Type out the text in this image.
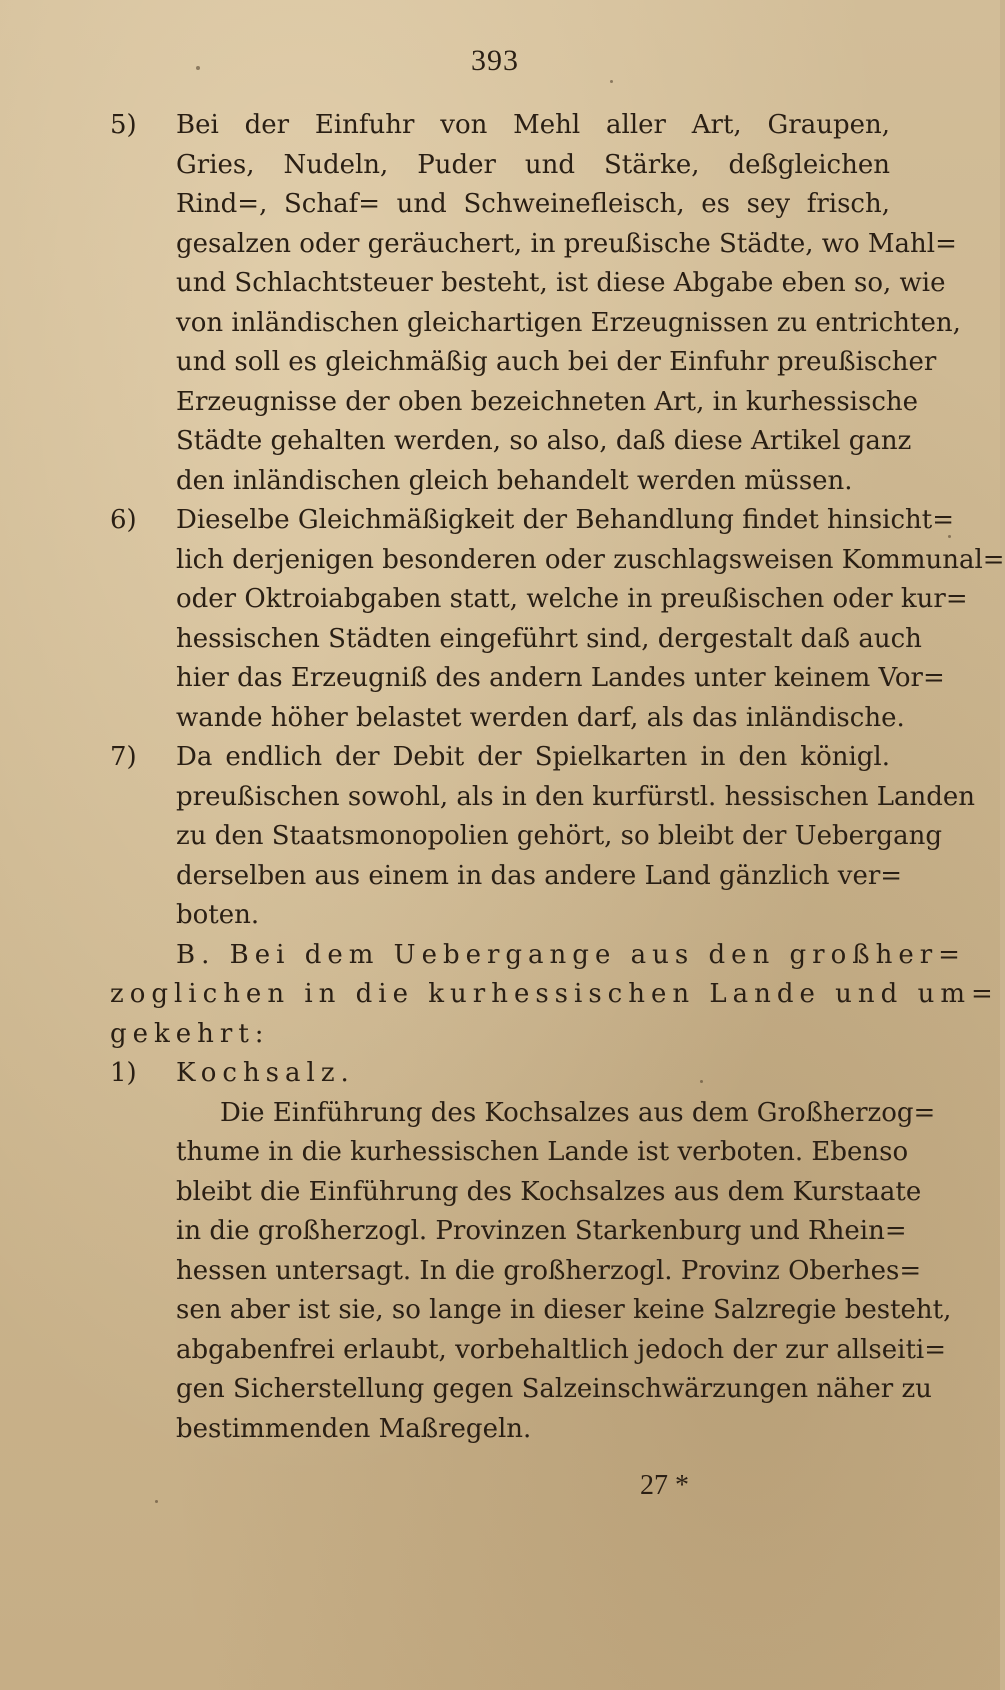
393
5) Bei der Einfuhr von Mehl aller Art, Graupen,
Gries, Nudeln, Puder und Stärke, deßgleichen
Rind=, Schaf= und Schweinefleisch, es sey frisch,
gesalzen oder geräuchert, in preußische Städte, wo Mahl=
und Schlachtsteuer besteht, ist diese Abgabe eben so, wie
von inländischen gleichartigen Erzeugnissen zu entrichten,
und soll es gleichmäßig auch bei der Einfuhr preußischer
Erzeugnisse der oben bezeichneten Art, in kurhessische
Städte gehalten werden, so also, daß diese Artikel ganz
den inländischen gleich behandelt werden müssen.
6) Dieselbe Gleichmäßigkeit der Behandlung findet hinsicht=
lich derjenigen besonderen oder zuschlagsweisen Kommunal=
oder Oktroiabgaben statt, welche in preußischen oder kur=
hessischen Städten eingeführt sind, dergestalt daß auch
hier das Erzeugniß des andern Landes unter keinem Vor=
wande höher belastet werden darf, als das inländische.
7) Da endlich der Debit der Spielkarten in den königl.
preußischen sowohl, als in den kurfürstl. hessischen Landen
zu den Staatsmonopolien gehört, so bleibt der Uebergang
derselben aus einem in das andere Land gänzlich ver=
boten.
B. Bei dem Uebergange aus den großher=
zoglichen in die kurhessischen Lande und um=
gekehrt:
1) Kochsalz.
Die Einführung des Kochsalzes aus dem Großherzog=
thume in die kurhessischen Lande ist verboten. Ebenso
bleibt die Einführung des Kochsalzes aus dem Kurstaate
in die großherzogl. Provinzen Starkenburg und Rhein=
hessen untersagt. In die großherzogl. Provinz Oberhes=
sen aber ist sie, so lange in dieser keine Salzregie besteht,
abgabenfrei erlaubt, vorbehaltlich jedoch der zur allseiti=
gen Sicherstellung gegen Salzeinschwärzungen näher zu
bestimmenden Maßregeln.
27 *
